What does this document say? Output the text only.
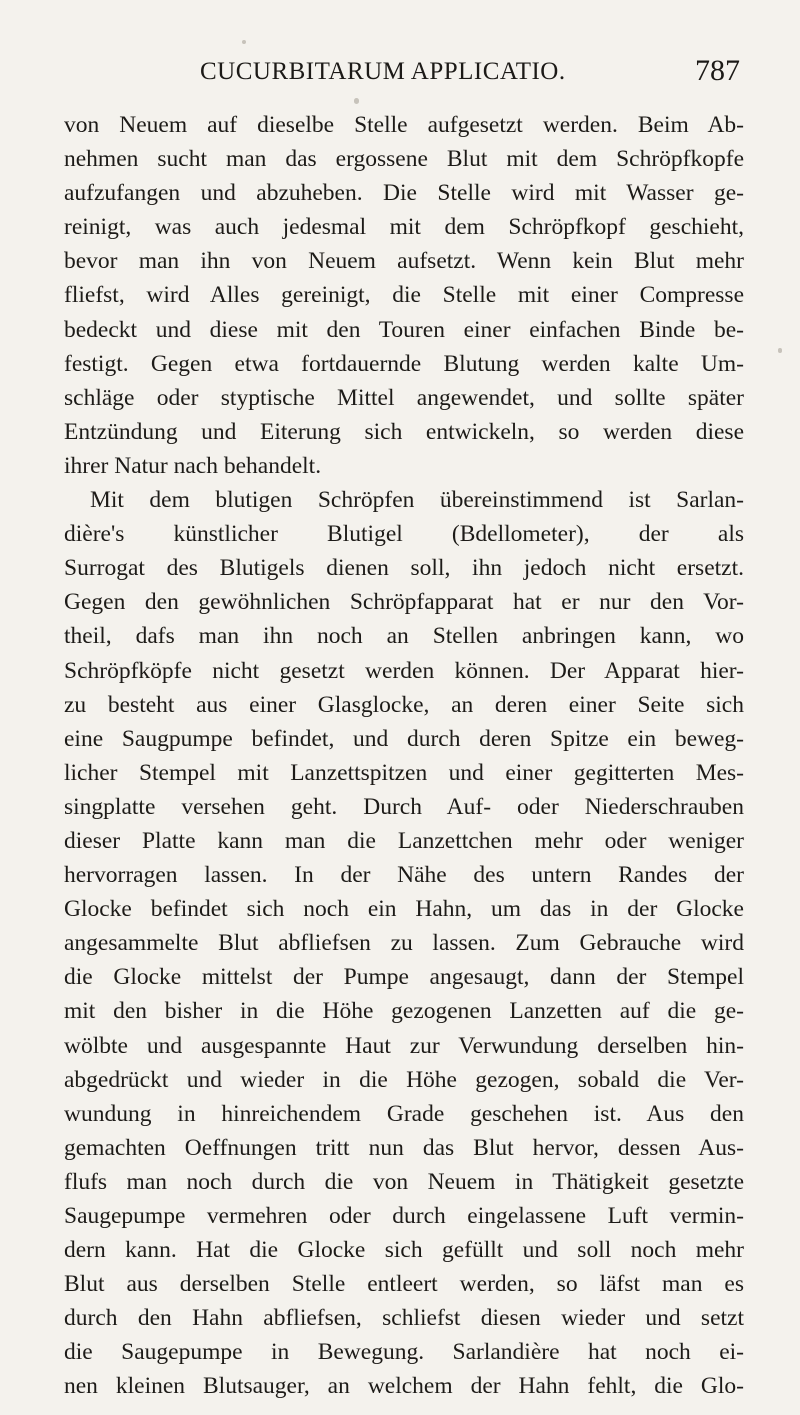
CUCURBITARUM APPLICATIO.	787
von Neuem auf dieselbe Stelle aufgesetzt werden. Beim Ab-
nehmen sucht man das ergossene Blut mit dem Schröpfkopfe
aufzufangen und abzuheben. Die Stelle wird mit Wasser ge-
reinigt, was auch jedesmal mit dem Schröpfkopf geschieht,
bevor man ihn von Neuem aufsetzt. Wenn kein Blut mehr
fliefst, wird Alles gereinigt, die Stelle mit einer Compresse
bedeckt und diese mit den Touren einer einfachen Binde be-
festigt. Gegen etwa fortdauernde Blutung werden kalte Um-
schläge oder styptische Mittel angewendet, und sollte später
Entzündung und Eiterung sich entwickeln, so werden diese
ihrer Natur nach behandelt.
Mit dem blutigen Schröpfen übereinstimmend ist Sarlan-
dière's künstlicher Blutigel (Bdellometer), der als
Surrogat des Blutigels dienen soll, ihn jedoch nicht ersetzt.
Gegen den gewöhnlichen Schröpfapparat hat er nur den Vor-
theil, dafs man ihn noch an Stellen anbringen kann, wo
Schröpfköpfe nicht gesetzt werden können. Der Apparat hier-
zu besteht aus einer Glasglocke, an deren einer Seite sich
eine Saugpumpe befindet, und durch deren Spitze ein beweg-
licher Stempel mit Lanzettspitzen und einer gegitterten Mes-
singplatte versehen geht. Durch Auf- oder Niederschrauben
dieser Platte kann man die Lanzettchen mehr oder weniger
hervorragen lassen. In der Nähe des untern Randes der
Glocke befindet sich noch ein Hahn, um das in der Glocke
angesammelte Blut abfliefsen zu lassen. Zum Gebrauche wird
die Glocke mittelst der Pumpe angesaugt, dann der Stempel
mit den bisher in die Höhe gezogenen Lanzetten auf die ge-
wölbte und ausgespannte Haut zur Verwundung derselben hin-
abgedrückt und wieder in die Höhe gezogen, sobald die Ver-
wundung in hinreichendem Grade geschehen ist. Aus den
gemachten Oeffnungen tritt nun das Blut hervor, dessen Aus-
flufs man noch durch die von Neuem in Thätigkeit gesetzte
Saugepumpe vermehren oder durch eingelassene Luft vermin-
dern kann. Hat die Glocke sich gefüllt und soll noch mehr
Blut aus derselben Stelle entleert werden, so läfst man es
durch den Hahn abfliefsen, schliefst diesen wieder und setzt
die Saugepumpe in Bewegung. Sarlandière hat noch ei-
nen kleinen Blutsauger, an welchem der Hahn fehlt, die Glo-
